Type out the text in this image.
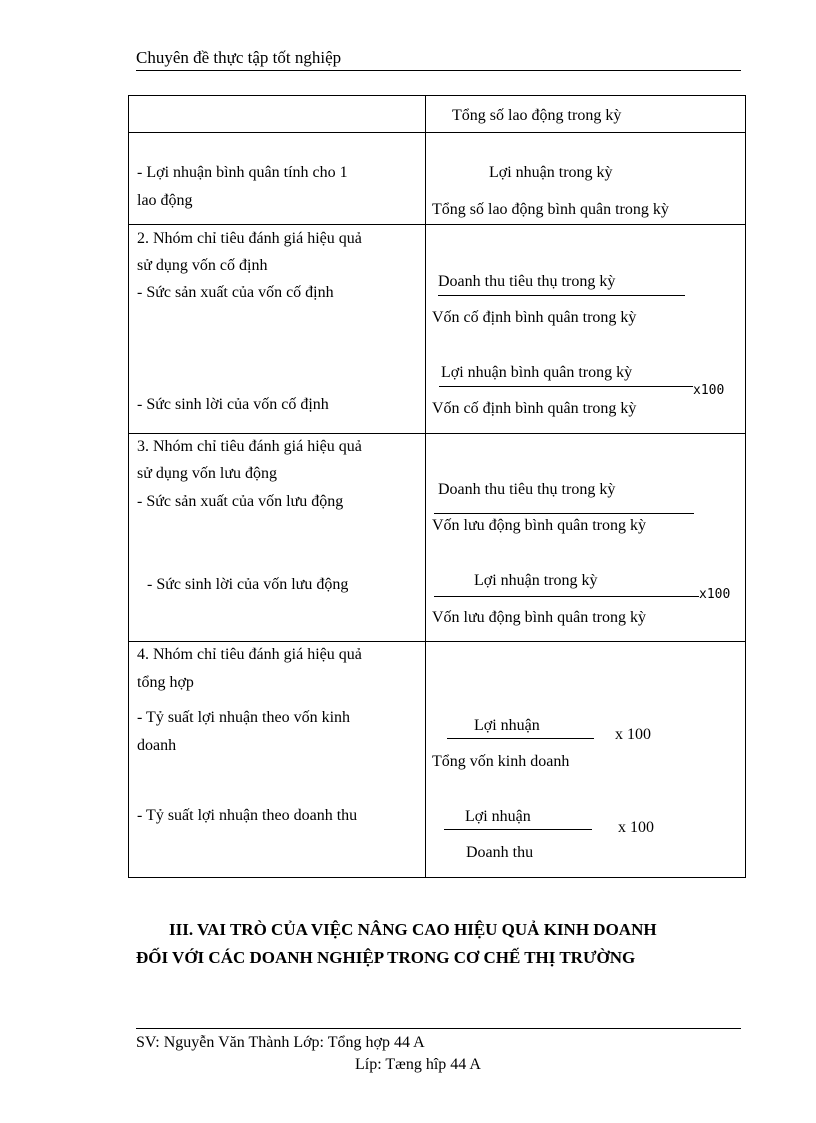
Chuyên đề thực tập tốt nghiệp
Tổng số lao động trong kỳ
- Lợi nhuận bình quân tính cho 1
lao động
Lợi nhuận trong kỳ
Tổng số lao động bình quân trong kỳ
2. Nhóm chỉ tiêu đánh giá hiệu quả
sử dụng vốn cố định
- Sức sản xuất của vốn cố định
Doanh thu tiêu thụ trong kỳ
Vốn cố định bình quân trong kỳ
- Sức sinh lời của vốn cố định
Lợi nhuận bình quân trong kỳ
x100
Vốn cố định bình quân trong kỳ
3. Nhóm chỉ tiêu đánh giá hiệu quả
sử dụng vốn lưu động
- Sức sản xuất của vốn lưu động
Doanh thu tiêu thụ trong kỳ
Vốn lưu động bình quân trong kỳ
- Sức sinh lời của vốn lưu động	Lợi nhuận trong kỳ
x100
Vốn lưu động bình quân trong kỳ
4. Nhóm chỉ tiêu đánh giá hiệu quả
tổng hợp
- Tỷ suất lợi nhuận theo vốn kinh
doanh
Lợi nhuận
x 100
Tổng vốn kinh doanh
- Tỷ suất lợi nhuận theo doanh thu	Lợi nhuận
x 100
Doanh thu
III. VAI TRÒ CỦA VIỆC NÂNG CAO HIỆU QUẢ KINH DOANH
ĐỐI VỚI CÁC DOANH NGHIỆP TRONG CƠ CHẾ THỊ TRƯỜNG
SV: Nguyễn Văn Thành Lớp: Tổng hợp 44 A
Líp: Tæng hîp 44 A
